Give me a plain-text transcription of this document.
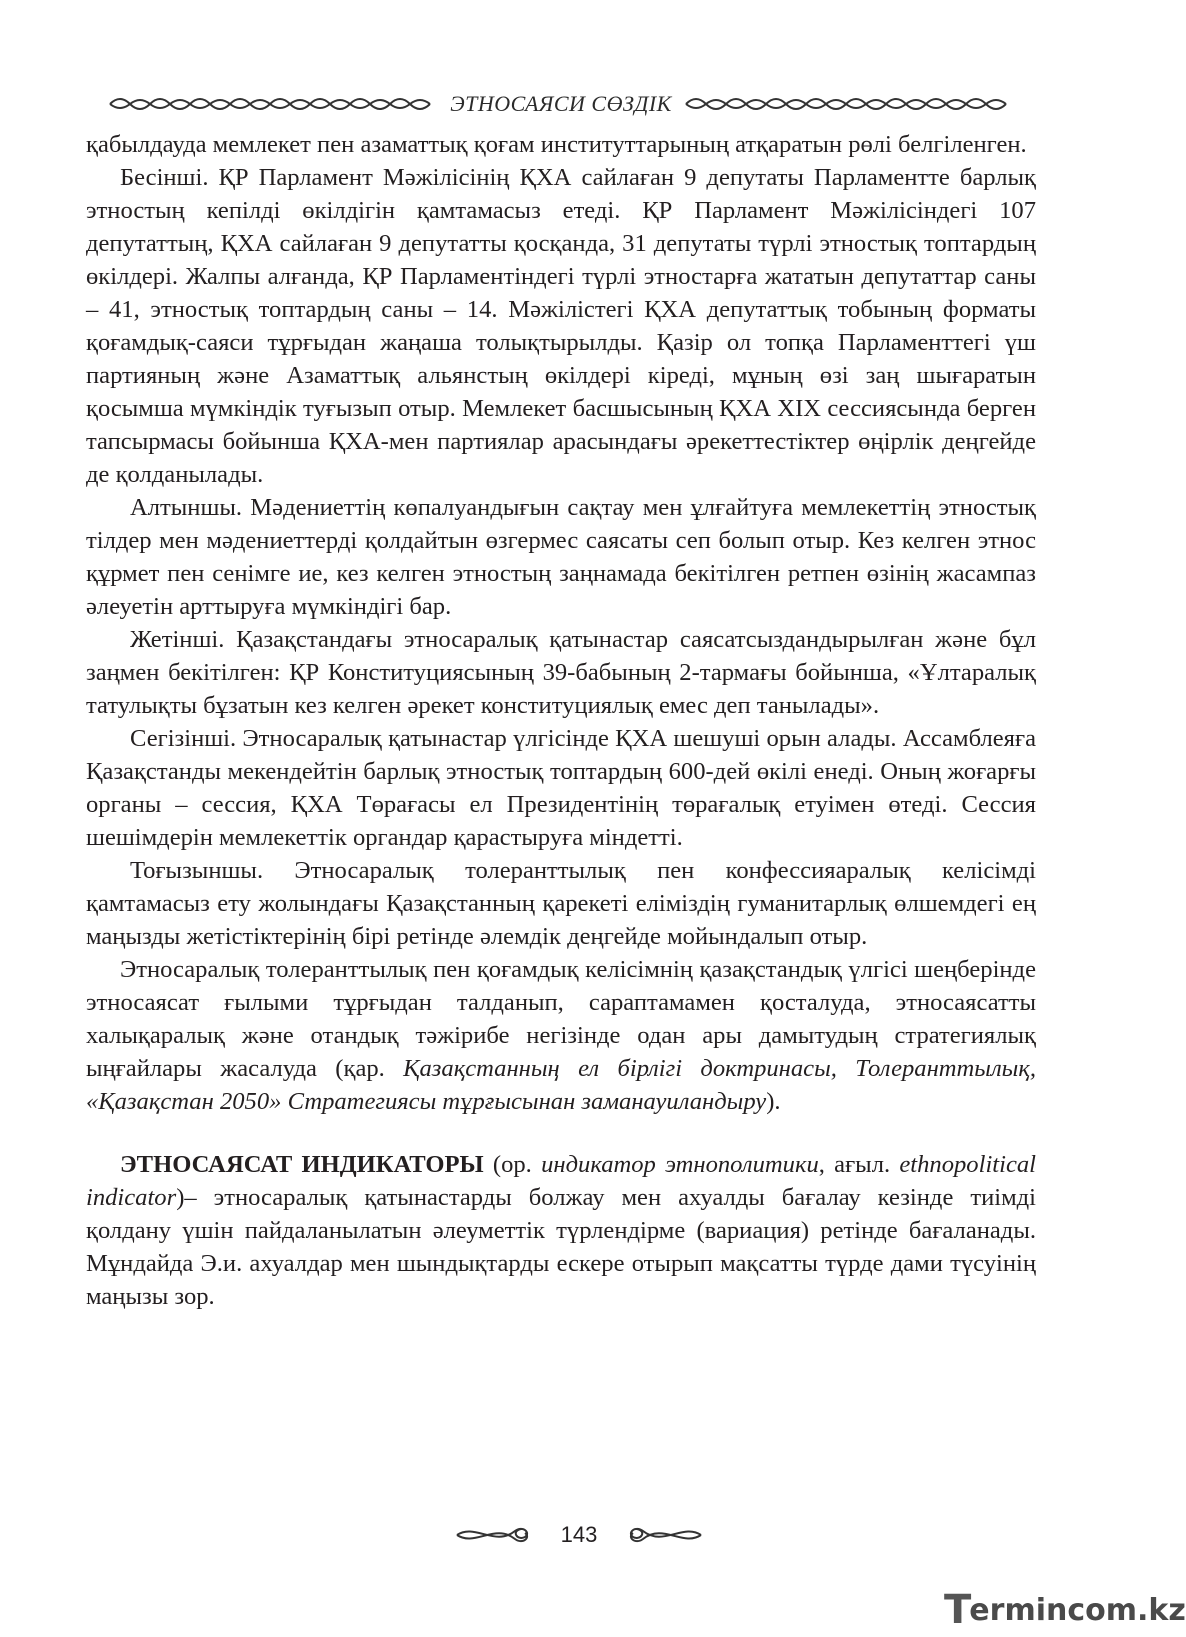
ЭТНОСАЯСИ СӨЗДІК

қабылдауда мемлекет пен азаматтық қоғам институттарының атқаратын рөлі белгіленген.

Бесінші. ҚР Парламент Мәжілісінің ҚХА сайлаған 9 депутаты Парламентте барлық этностың кепілді өкілдігін қамтамасыз етеді. ҚР Парламент Мәжілісіндегі 107 депутаттың, ҚХА сайлаған 9 депутатты қосқанда, 31 депутаты түрлі этностық топтардың өкілдері. Жалпы алғанда, ҚР Парламентіндегі түрлі этностарға жататын депутаттар саны – 41, этностық топтардың саны – 14. Мәжілістегі ҚХА депутаттық тобының форматы қоғамдық-саяси тұрғыдан жаңаша толықтырылды. Қазір ол топқа Парламенттегі үш партияның және Азаматтық альянстың өкілдері кіреді, мұның өзі заң шығаратын қосымша мүмкіндік туғызып отыр. Мемлекет басшысының ҚХА XIX сессиясында берген тапсырмасы бойынша ҚХА-мен партиялар арасындағы әрекеттестіктер өңірлік деңгейде де қолданылады.

Алтыншы. Мәдениеттің көпалуандығын сақтау мен ұлғайтуға мемлекеттің этностық тілдер мен мәдениеттерді қолдайтын өзгермес саясаты сеп болып отыр. Кез келген этнос құрмет пен сенімге ие, кез келген этностың заңнамада бекітілген ретпен өзінің жасампаз әлеуетін арттыруға мүмкіндігі бар.

Жетінші. Қазақстандағы этносаралық қатынастар саясатсыздандырылған және бұл заңмен бекітілген: ҚР Конституциясының 39-бабының 2-тармағы бойынша, «Ұлтаралық татулықты бұзатын кез келген әрекет конституциялық емес деп танылады».

Сегізінші. Этносаралық қатынастар үлгісінде ҚХА шешуші орын алады. Ассамблеяға Қазақстанды мекендейтін барлық этностық топтардың 600-дей өкілі енеді. Оның жоғарғы органы – сессия, ҚХА Төрағасы ел Президентінің төрағалық етуімен өтеді. Сессия шешімдерін мемлекеттік органдар қарастыруға міндетті.

Тоғызыншы. Этносаралық толеранттылық пен конфессияаралық келісімді қамтамасыз ету жолындағы Қазақстанның қарекеті еліміздің гуманитарлық өлшемдегі ең маңызды жетістіктерінің бірі ретінде әлемдік деңгейде мойындалып отыр.

Этносаралық толеранттылық пен қоғамдық келісімнің қазақстандық үлгісі шеңберінде этносаясат ғылыми тұрғыдан талданып, сараптамамен қосталуда, этносаясатты халықаралық және отандық тәжірибе негізінде одан ары дамытудың стратегиялық ыңғайлары жасалуда (қар. Қазақстанның ел бірлігі доктринасы, Толеранттылық, «Қазақстан 2050» Стратегиясы тұрғысынан заманауиландыру).

ЭТНОСАЯСАТ ИНДИКАТОРЫ (ор. индикатор этнополитики, ағыл. ethnopolitical indicator)– этносаралық қатынастарды болжау мен ахуалды бағалау кезінде тиімді қолдану үшін пайдаланылатын әлеуметтік түрлендірме (вариация) ретінде бағаланады. Мұндайда Э.и. ахуалдар мен шындықтарды ескере отырып мақсатты түрде дами түсуінің маңызы зор.

143
T
ermincom.kz
